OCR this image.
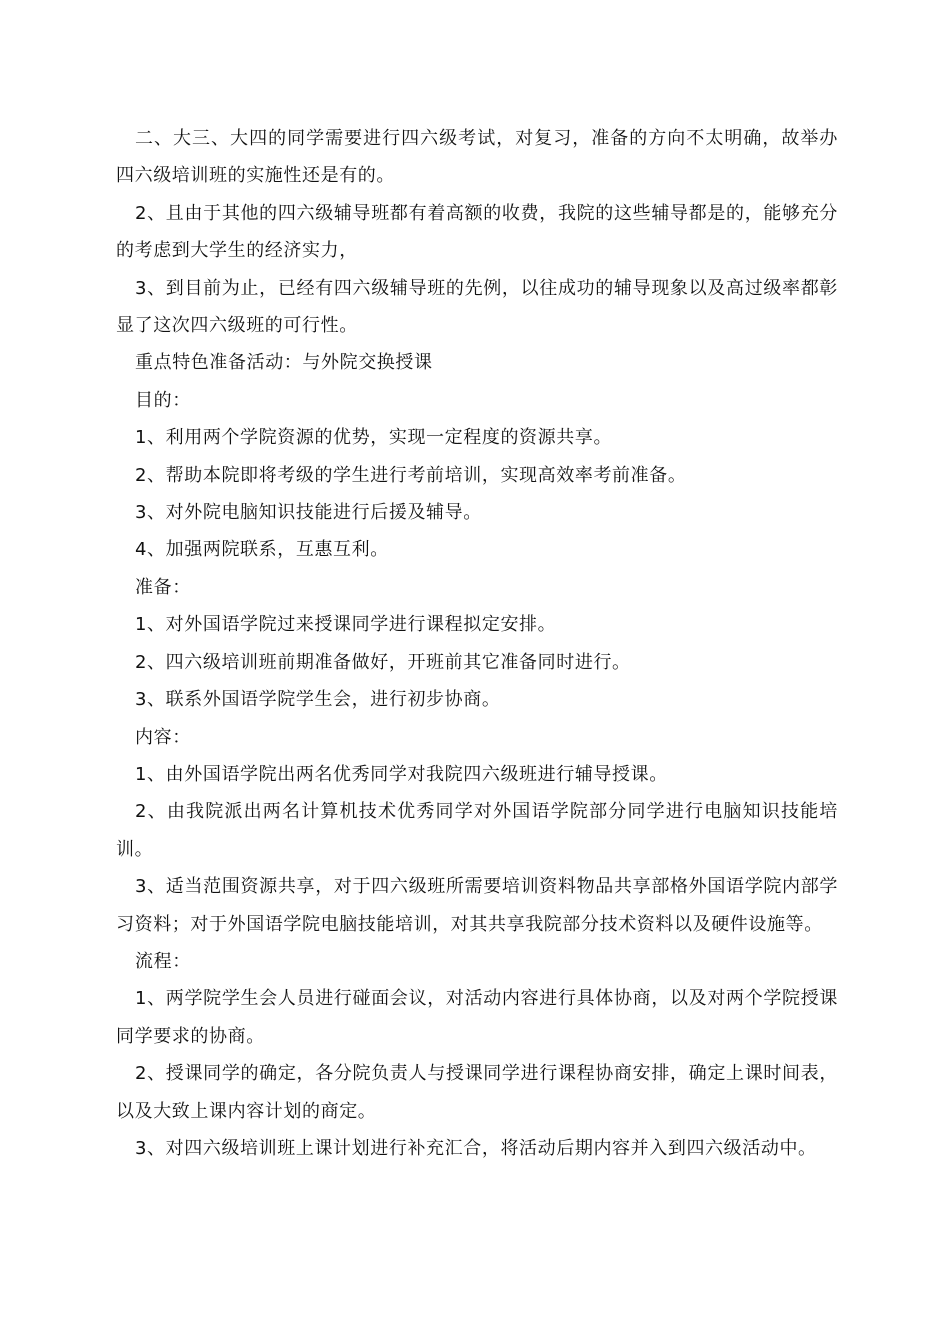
二、大三、大四的同学需要进行四六级考试，对复习，准备的方向不太明确，故举办四六级培训班的实施性还是有的。

2、且由于其他的四六级辅导班都有着高额的收费，我院的这些辅导都是的，能够充分的考虑到大学生的经济实力，

3、到目前为止，已经有四六级辅导班的先例，以往成功的辅导现象以及高过级率都彰显了这次四六级班的可行性。

重点特色准备活动：与外院交换授课

目的：

1、利用两个学院资源的优势，实现一定程度的资源共享。

2、帮助本院即将考级的学生进行考前培训，实现高效率考前准备。

3、对外院电脑知识技能进行后援及辅导。

4、加强两院联系，互惠互利。

准备：

1、对外国语学院过来授课同学进行课程拟定安排。

2、四六级培训班前期准备做好，开班前其它准备同时进行。

3、联系外国语学院学生会，进行初步协商。

内容：

1、由外国语学院出两名优秀同学对我院四六级班进行辅导授课。

2、由我院派出两名计算机技术优秀同学对外国语学院部分同学进行电脑知识技能培训。

3、适当范围资源共享，对于四六级班所需要培训资料物品共享部格外国语学院内部学习资料；对于外国语学院电脑技能培训，对其共享我院部分技术资料以及硬件设施等。

流程：

1、两学院学生会人员进行碰面会议，对活动内容进行具体协商，以及对两个学院授课同学要求的协商。

2、授课同学的确定，各分院负责人与授课同学进行课程协商安排，确定上课时间表，以及大致上课内容计划的商定。

3、对四六级培训班上课计划进行补充汇合，将活动后期内容并入到四六级活动中。
